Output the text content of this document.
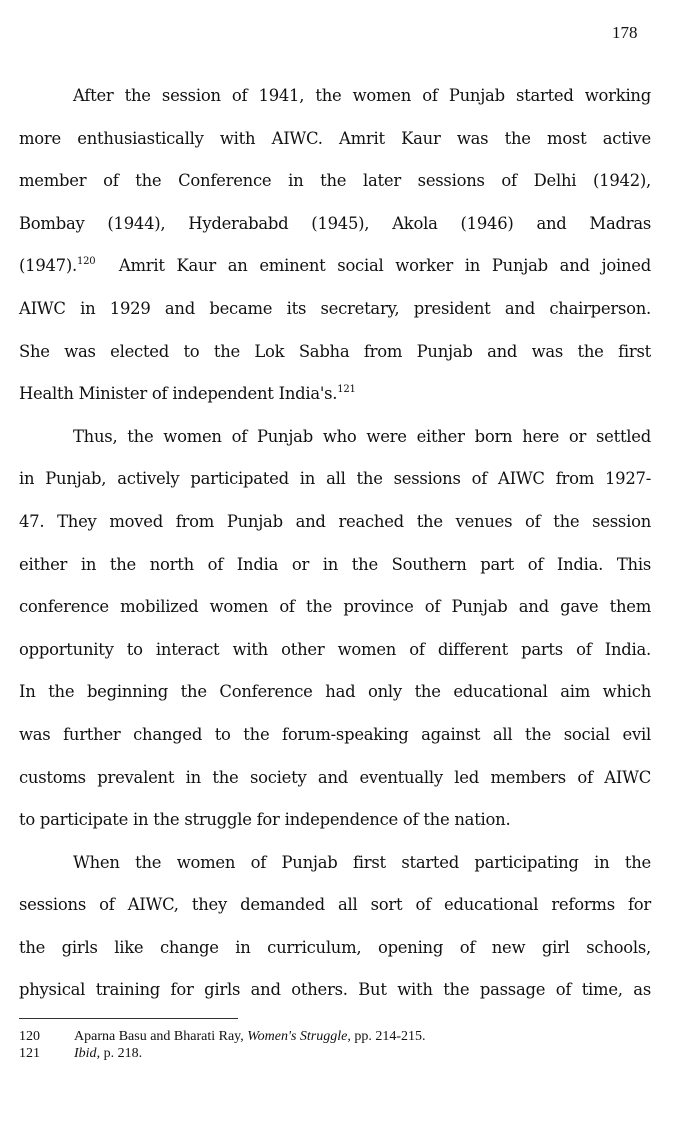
178
After the session of 1941, the women of Punjab started working
more enthusiastically with AIWC. Amrit Kaur was the most active
member of the Conference in the later sessions of Delhi (1942),
Bombay (1944), Hyderababd (1945), Akola (1946) and Madras
(1947).$^{120}$  Amrit Kaur an eminent social worker in Punjab and joined
AIWC in 1929 and became its secretary, president and chairperson.
She was elected to the Lok Sabha from Punjab and was the first
Health Minister of independent India's.$^{121}$
Thus, the women of Punjab who were either born here or settled
in Punjab, actively participated in all the sessions of AIWC from 1927-
47. They moved from Punjab and reached the venues of the session
either in the north of India or in the Southern part of India. This
conference mobilized women of the province of Punjab and gave them
opportunity to interact with other women of different parts of India.
In the beginning the Conference had only the educational aim which
was further changed to the forum-speaking against all the social evil
customs prevalent in the society and eventually led members of AIWC
to participate in the struggle for independence of the nation.
When the women of Punjab first started participating in the
sessions of AIWC, they demanded all sort of educational reforms for
the girls like change in curriculum, opening of new girl schools,
physical training for girls and others. But with the passage of time, as
120	Aparna Basu and Bharati Ray, Women's Struggle, pp. 214-215.
121	Ibid, p. 218.
